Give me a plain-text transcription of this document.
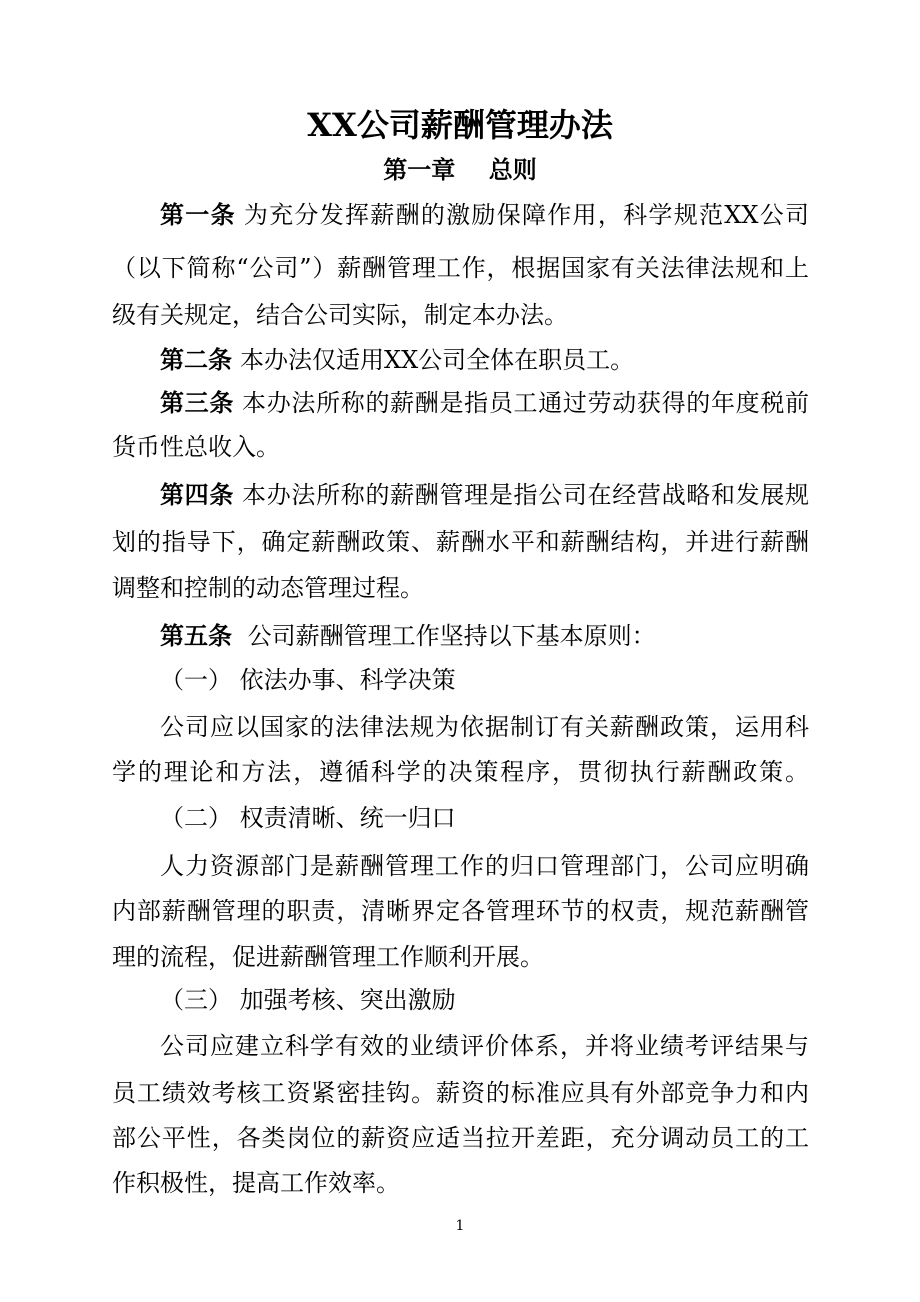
XX公司薪酬管理办法
第一章    总则
第一条 为充分发挥薪酬的激励保障作用，科学规范XX公司
（以下简称“公司”）薪酬管理工作，根据国家有关法律法规和上
级有关规定，结合公司实际，制定本办法。
第二条 本办法仅适用XX公司全体在职员工。
第三条 本办法所称的薪酬是指员工通过劳动获得的年度税前
货币性总收入。
第四条 本办法所称的薪酬管理是指公司在经营战略和发展规
划的指导下，确定薪酬政策、薪酬水平和薪酬结构，并进行薪酬
调整和控制的动态管理过程。
第五条 公司薪酬管理工作坚持以下基本原则：
（一） 依法办事、科学决策
公司应以国家的法律法规为依据制订有关薪酬政策，运用科
学的理论和方法，遵循科学的决策程序，贯彻执行薪酬政策。
（二） 权责清晰、统一归口
人力资源部门是薪酬管理工作的归口管理部门，公司应明确
内部薪酬管理的职责，清晰界定各管理环节的权责，规范薪酬管
理的流程，促进薪酬管理工作顺利开展。
（三） 加强考核、突出激励
公司应建立科学有效的业绩评价体系，并将业绩考评结果与
员工绩效考核工资紧密挂钩。薪资的标准应具有外部竞争力和内
部公平性，各类岗位的薪资应适当拉开差距，充分调动员工的工
作积极性，提高工作效率。
1
